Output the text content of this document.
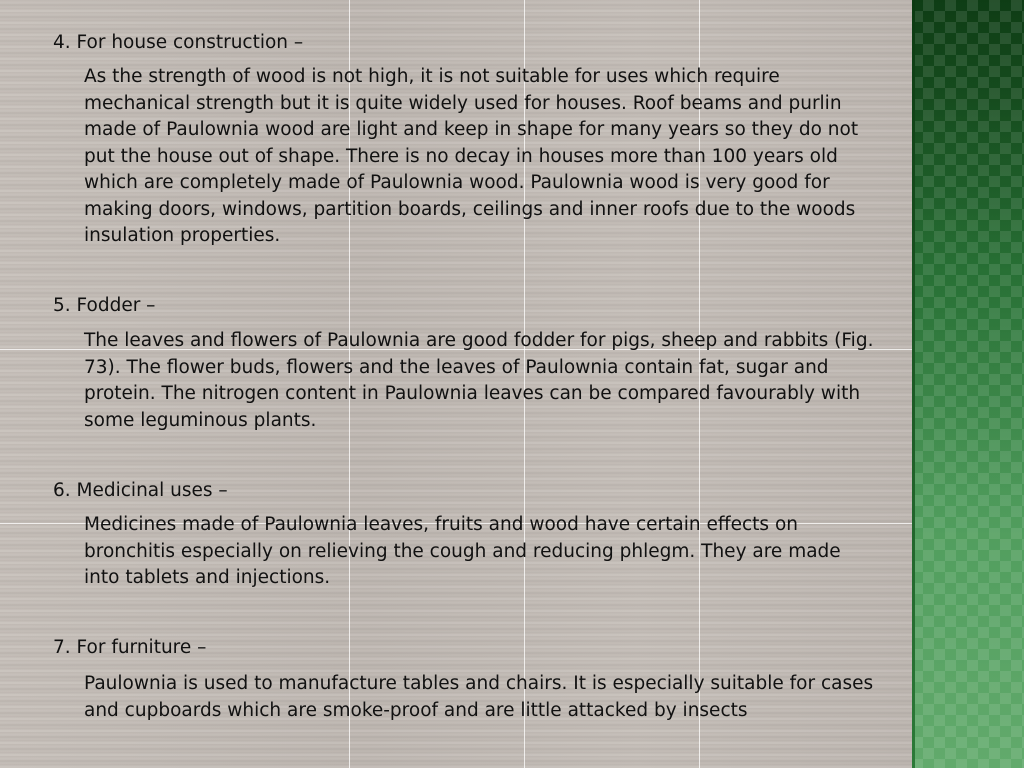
4. For house construction –
As the strength of wood is not high, it is not suitable for uses which require mechanical strength but it is quite widely used for houses. Roof beams and purlin made of Paulownia wood are light and keep in shape for many years so they do not put the house out of shape. There is no decay in houses more than 100 years old which are completely made of Paulownia wood. Paulownia wood is very good for making doors, windows, partition boards, ceilings and inner roofs due to the woods insulation properties.
5. Fodder –
The leaves and flowers of Paulownia are good fodder for pigs, sheep and rabbits (Fig. 73). The flower buds, flowers and the leaves of Paulownia contain fat, sugar and protein. The nitrogen content in Paulownia leaves can be compared favourably with some leguminous plants.
6. Medicinal uses –
Medicines made of Paulownia leaves, fruits and wood have certain effects on bronchitis especially on relieving the cough and reducing phlegm. They are made into tablets and injections.
7. For furniture –
Paulownia is used to manufacture tables and chairs. It is especially suitable for cases and cupboards which are smoke-proof and are little attacked by insects
